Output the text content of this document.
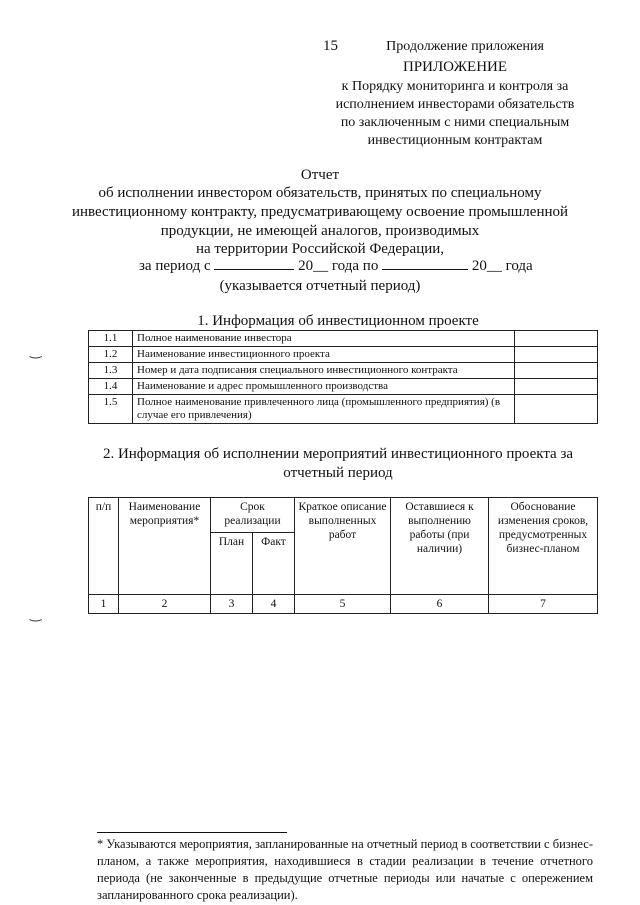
15	Продолжение приложения
ПРИЛОЖЕНИЕ
к Порядку мониторинга и контроля за
исполнением инвесторами обязательств
по заключенным с ними специальным
инвестиционным контрактам
Отчет
об исполнении инвестором обязательств, принятых по специальному
инвестиционному контракту, предусматривающему освоение промышленной
продукции, не имеющей аналогов, производимых
на территории Российской Федерации,
за период с	20__ года по	20__ года
(указывается отчетный период)
1. Информация об инвестиционном проекте
1.1	Полное наименование инвестора	
1.2	Наименование инвестиционного проекта	
1.3	Номер и дата подписания специального инвестиционного контракта	
1.4	Наименование и адрес промышленного производства	
1.5	Полное наименование привлеченного лица (промышленного предприятия) (в случае его привлечения)	
2. Информация об исполнении мероприятий инвестиционного проекта за
отчетный период
п/п	Наименование мероприятия*	Срок реализации		Краткое описание выполненных работ	Оставшиеся к выполнению работы (при наличии)	Обоснование изменения сроков, предусмотренных бизнес-планом
		План	Факт			
1	2	3	4	5	6	7
‿
‿
* Указываются мероприятия, запланированные на отчетный период в соответствии с бизнес-планом, а также мероприятия, находившиеся в стадии реализации в течение отчетного периода (не законченные в предыдущие отчетные периоды или начатые с опережением запланированного срока реализации).
